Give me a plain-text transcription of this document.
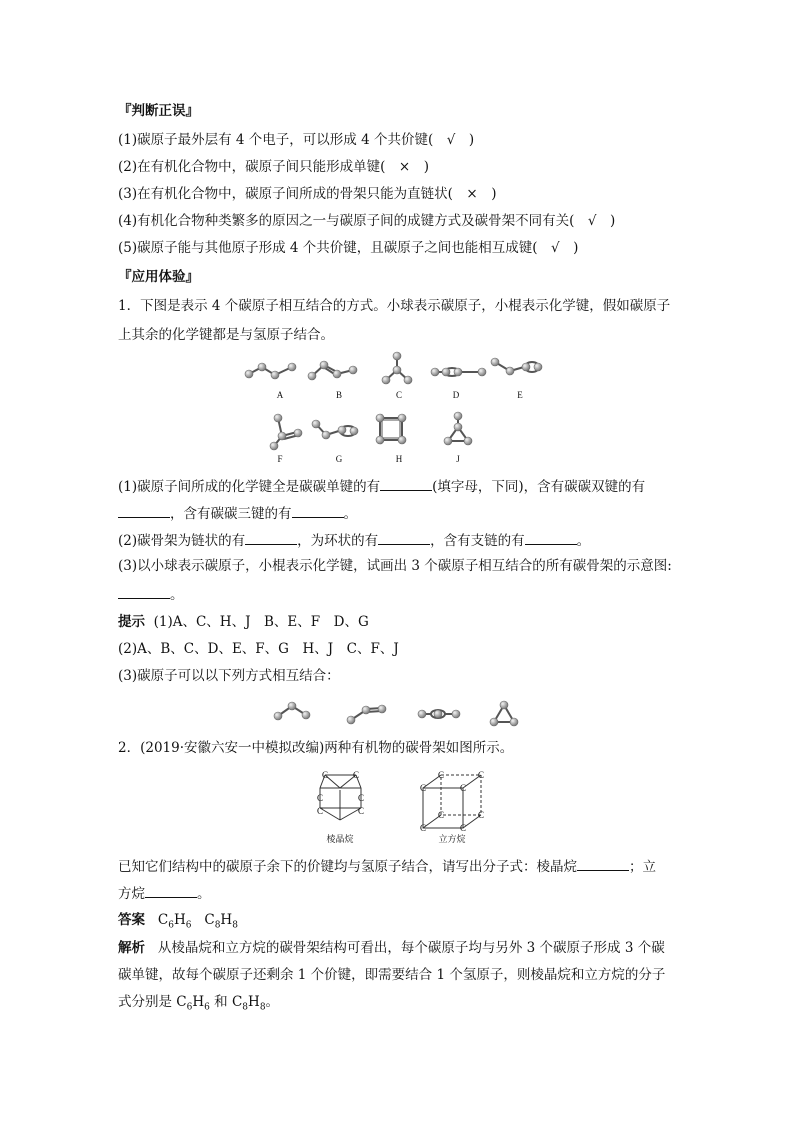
『判断正误』
(1)碳原子最外层有 4 个电子，可以形成 4 个共价键(　√　)
(2)在有机化合物中，碳原子间只能形成单键(　×　)
(3)在有机化合物中，碳原子间所成的骨架只能为直链状(　×　)
(4)有机化合物种类繁多的原因之一与碳原子间的成键方式及碳骨架不同有关(　√　)
(5)碳原子能与其他原子形成 4 个共价键，且碳原子之间也能相互成键(　√　)
『应用体验』
1．下图是表示 4 个碳原子相互结合的方式。小球表示碳原子，小棍表示化学键，假如碳原子
上其余的化学键都是与氢原子结合。
A	B	C	D	E
F	G	H	J
(1)碳原子间所成的化学键全是碳碳单键的有	(填字母，下同)，含有碳碳双键的有
，含有碳碳三键的有	。
(2)碳骨架为链状的有	，为环状的有	，含有支链的有	。
(3)以小球表示碳原子，小棍表示化学键，试画出 3 个碳原子相互结合的所有碳骨架的示意图:
。
提示 (1)A、C、H、J　B、E、F　D、G
(2)A、B、C、D、E、F、G　H、J　C、F、J
(3)碳原子可以以下列方式相互结合：
2．(2019·安徽六安一中模拟改编)两种有机物的碳骨架如图所示。
C	C
C	C
C	C
C	C
C	C
C	C
C	C
棱晶烷	立方烷
已知它们结构中的碳原子余下的价键均与氢原子结合，请写出分子式：棱晶烷	；立
方烷	。
答案 $C_6H_6$ $C_8H_8$
解析 从棱晶烷和立方烷的碳骨架结构可看出，每个碳原子均与另外 3 个碳原子形成 3 个碳
碳单键，故每个碳原子还剩余 1 个价键，即需要结合 1 个氢原子，则棱晶烷和立方烷的分子
式分别是 $C_6H_6$ 和 $C_8H_8$。
